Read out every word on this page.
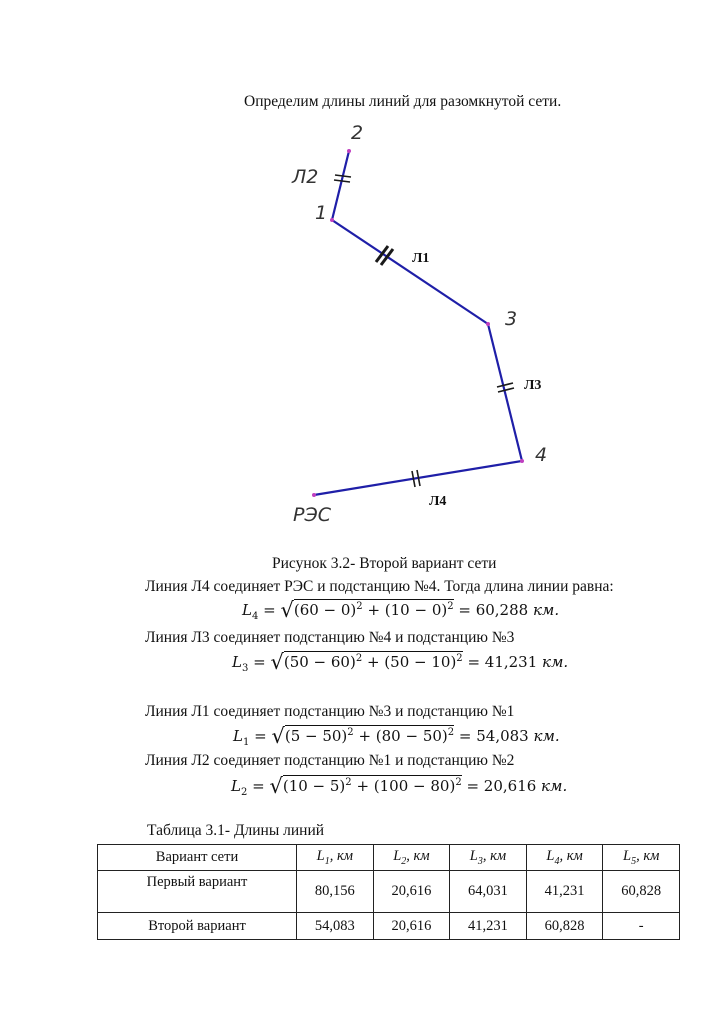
Определим длины линий для разомкнутой сети.
2
1
3
4
РЭС
Л2
Л1
Л3
Л4
Рисунок 3.2- Второй вариант сети
Линия Л4 соединяет РЭС и подстанцию №4. Тогда длина линии равна:
$L_4 = √(60 - 0)^2 + (10 - 0)^2 = 60,288$ км.
Линия Л3 соединяет подстанцию №4 и подстанцию №3
$L_3 = √(50 - 60)^2 + (50 - 10)^2 = 41,231$ км.
Линия Л1 соединяет подстанцию №3 и подстанцию №1
$L_1 = √(5 - 50)^2 + (80 - 50)^2 = 54,083$ км.
Линия Л2 соединяет подстанцию №1 и подстанцию №2
$L_2 = √(10 - 5)^2 + (100 - 80)^2 = 20,616$ км.
Таблица 3.1- Длины линий
Вариант сети	$L_1$, км	$L_2$, км	$L_3$, км	$L_4$, км	$L_5$, км
Первый вариант	80,156	20,616	64,031	41,231	60,828
Второй вариант	54,083	20,616	41,231	60,828	-
